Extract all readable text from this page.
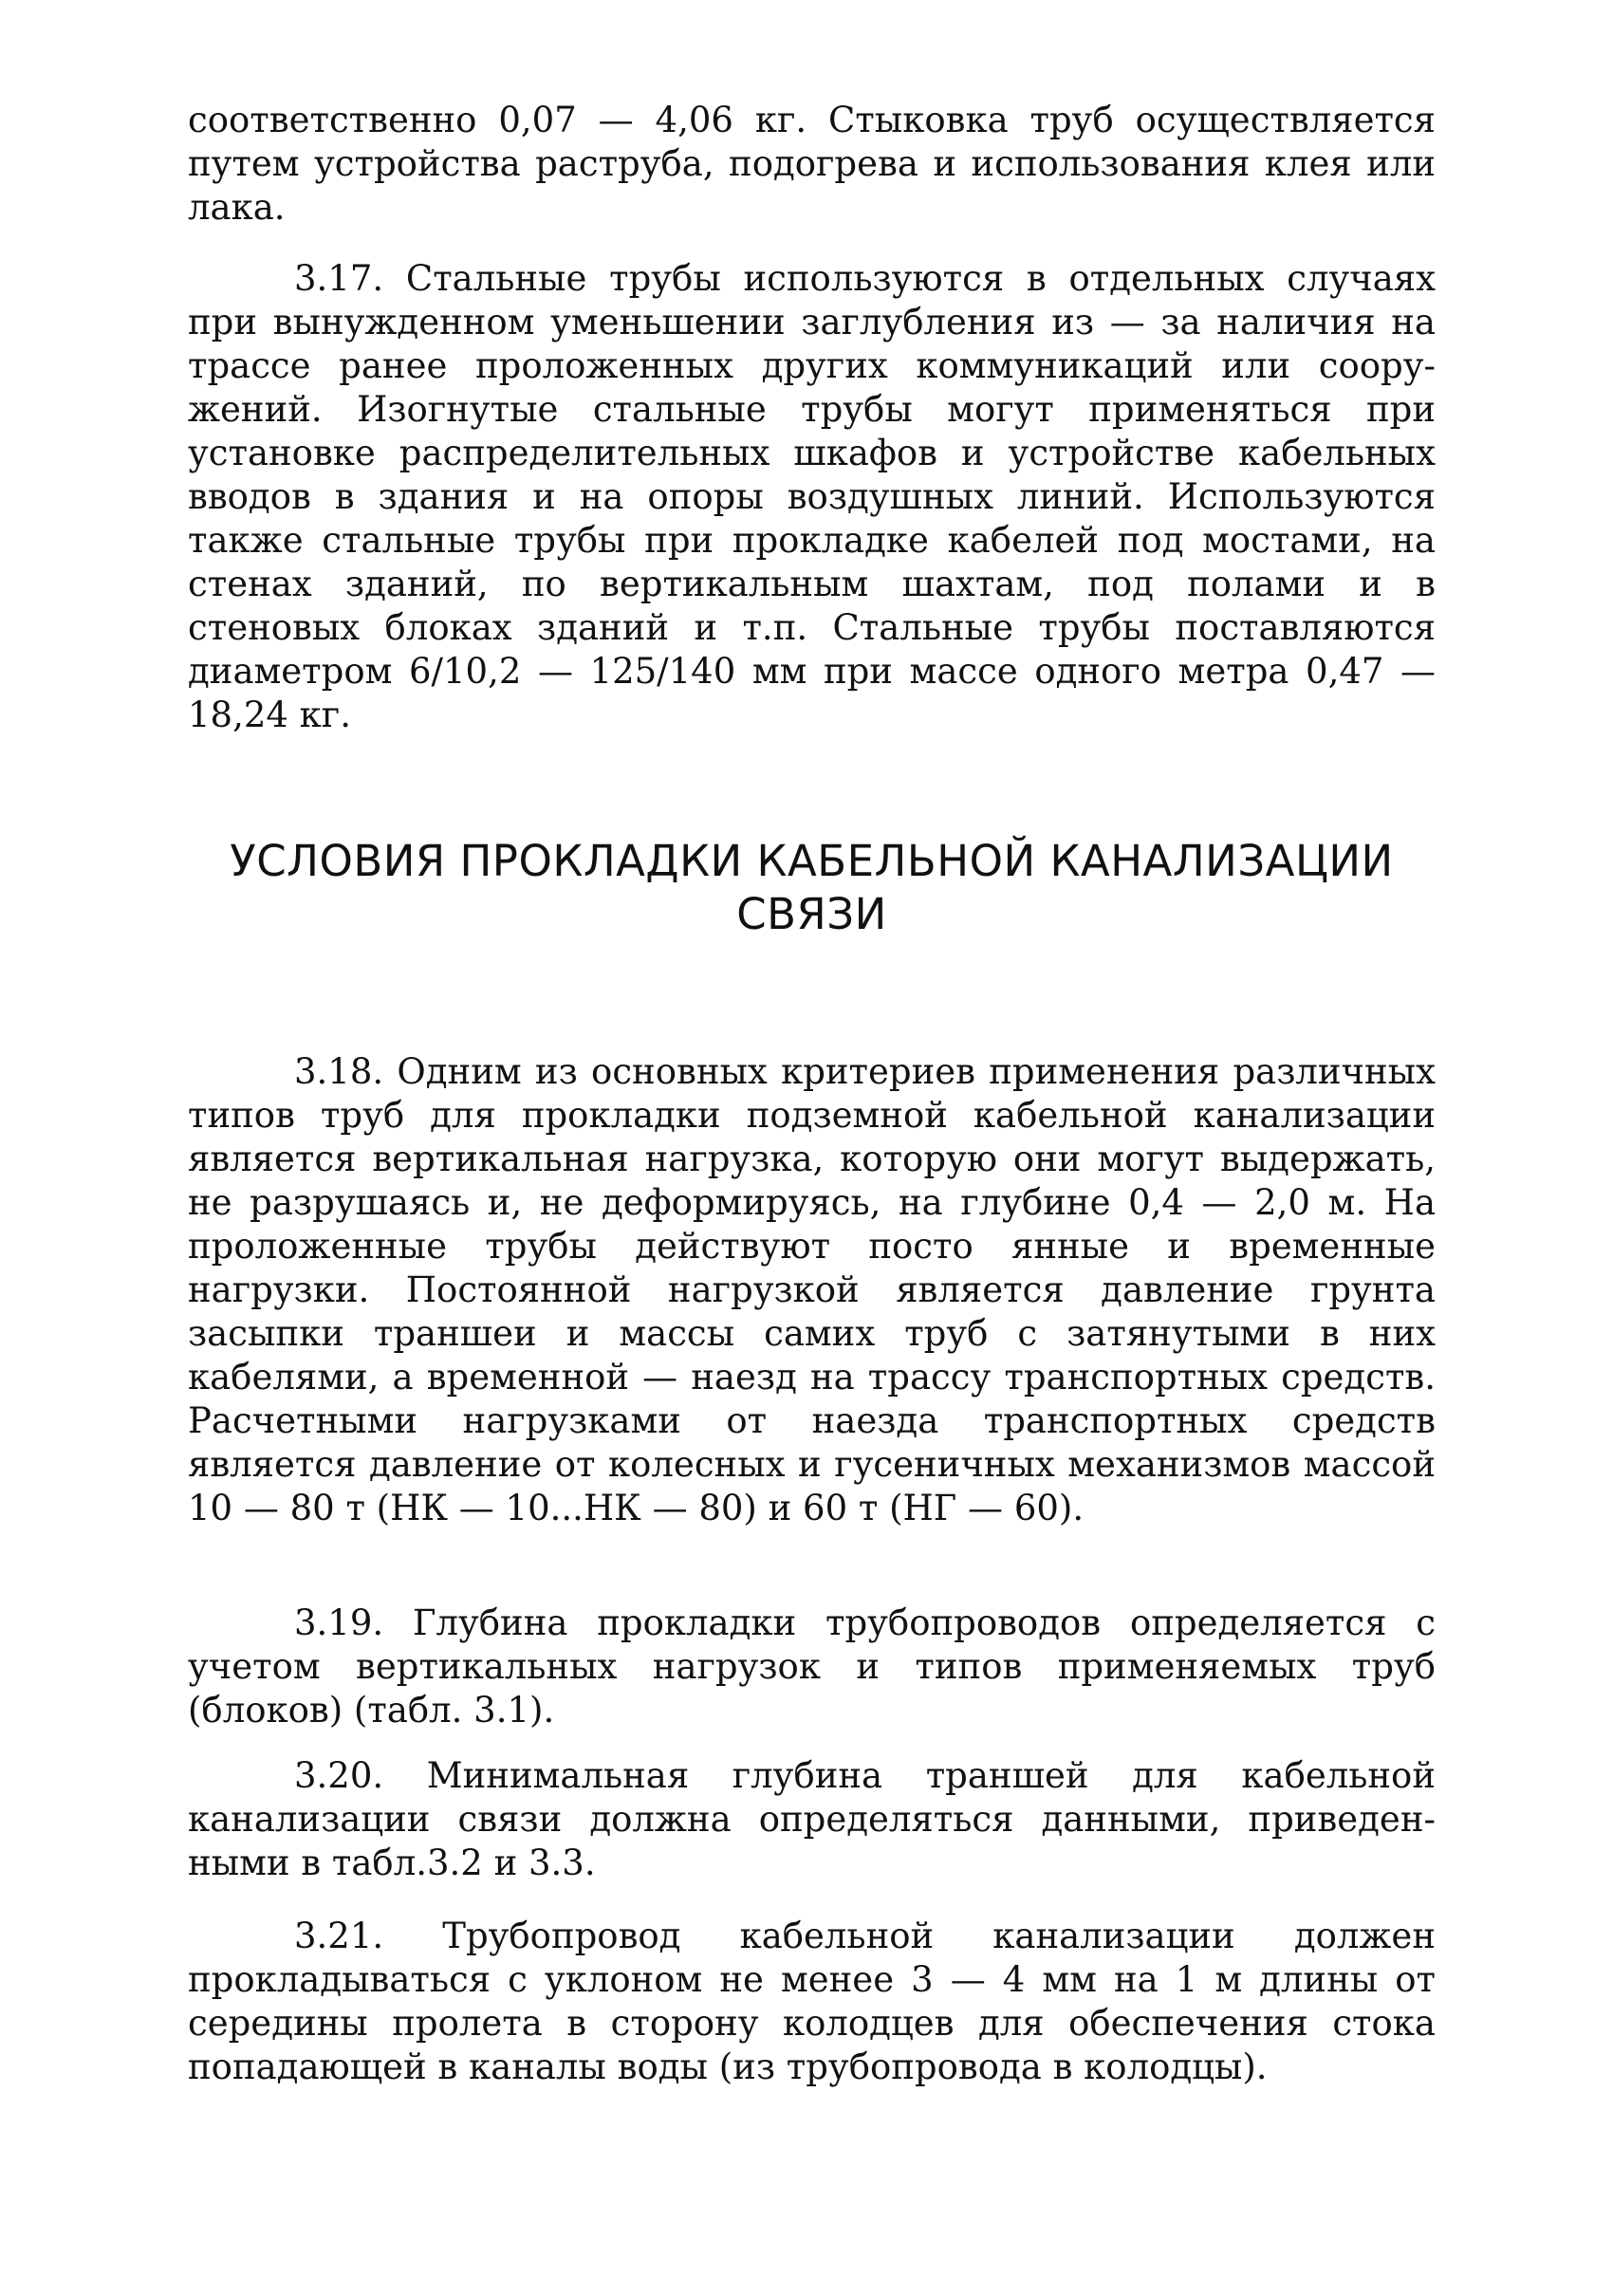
соответственно 0,07 — 4,06 кг. Стыковка труб осуществляется путем устройства раструба, подогрева и использования клея или лака.

3.17. Стальные трубы используются в отдельных случаях при вынужденном уменьшении заглубления из — за наличия на трассе ранее проложенных других коммуникаций или соору жений. Изогнутые стальные трубы могут применяться при установке распределительных шкафов и устройстве кабельных вводов в здания и на опоры воздушных линий. Используются также стальные трубы при прокладке кабелей под мостами, на стенах зданий, по вертикальным шахтам, под полами и в стеновых блоках зданий и т.п. Стальные трубы поставляются диаметром 6/10,2 — 125/140 мм при массе одного метра 0,47 — 18,24 кг.

УСЛОВИЯ ПРОКЛАДКИ КАБЕЛЬНОЙ КАНАЛИЗАЦИИ
СВЯЗИ

3.18. Одним из основных критериев применения различных типов труб для прокладки подземной кабельной канализации является вертикальная нагрузка, которую они могут выдержать, не разрушаясь и, не деформируясь, на глубине 0,4 — 2,0 м. На проложенные трубы действуют посто янные и временные нагрузки. Постоянной нагрузкой является давление грунта засыпки траншеи и массы самих труб с затянутыми в них кабелями, а временной — наезд на трассу транспортных средств. Расчетными нагрузками от наезда транспортных средств является давление от колесных и гусеничных механизмов массой 10 — 80 т (НК — 10...НК — 80) и 60 т (НГ — 60).

3.19. Глубина прокладки трубопроводов определяется с учетом вертикальных нагрузок и типов применяемых труб (блоков) (табл. 3.1).

3.20. Минимальная глубина траншей для кабельной канализации связи должна определяться данными, приведен ными в табл.3.2 и 3.3.

3.21. Трубопровод кабельной канализации должен прокладываться с уклоном не менее 3 — 4 мм на 1 м длины от середины пролета в сторону колодцев для обеспечения стока попадающей в каналы воды (из трубопровода в колодцы).
